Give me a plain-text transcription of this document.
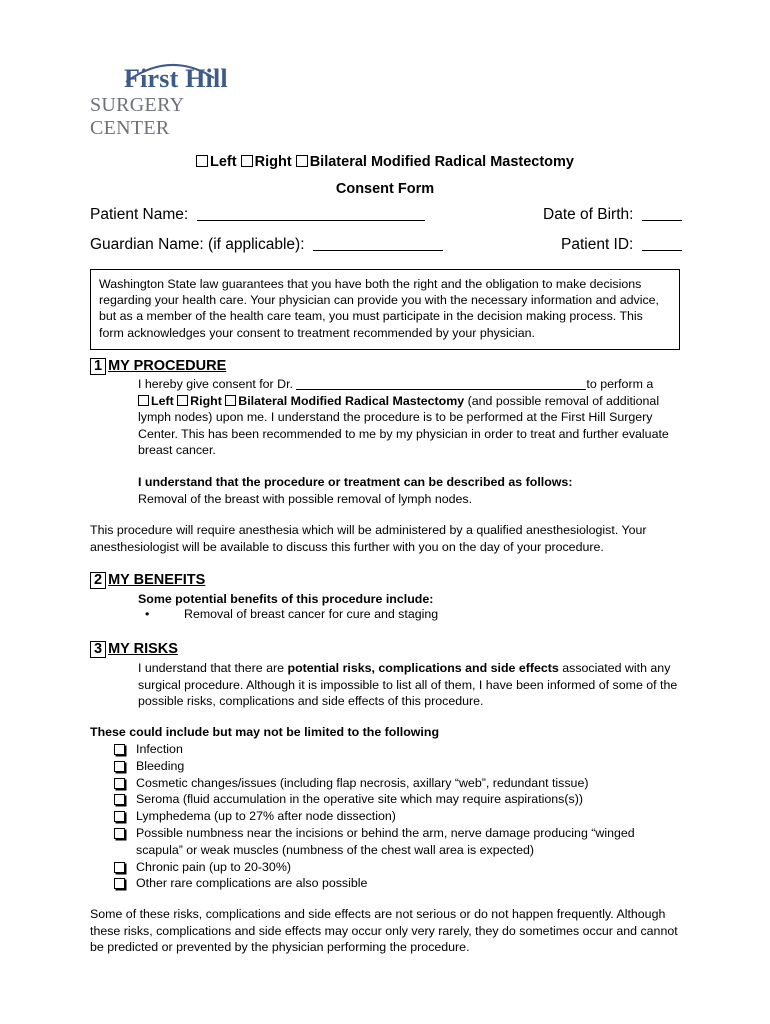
First Hill
SURGERY CENTER
Left Right Bilateral Modified Radical Mastectomy
Consent Form
Patient Name:	Date of Birth:
Guardian Name: (if applicable):	Patient ID:
Washington State law guarantees that you have both the right and the obligation to make decisions regarding your health care. Your physician can provide you with the necessary information and advice, but as a member of the health care team, you must participate in the decision making process. This form acknowledges your consent to treatment recommended by your physician.
1 MY PROCEDURE
I hereby give consent for Dr.	to perform a
Left Right Bilateral Modified Radical Mastectomy (and possible removal of additional
lymph nodes) upon me. I understand the procedure is to be performed at the First Hill Surgery Center. This has been recommended to me by my physician in order to treat and further evaluate breast cancer.
I understand that the procedure or treatment can be described as follows:
Removal of the breast with possible removal of lymph nodes.
This procedure will require anesthesia which will be administered by a qualified anesthesiologist. Your anesthesiologist will be available to discuss this further with you on the day of your procedure.
2 MY BENEFITS
Some potential benefits of this procedure include:
• Removal of breast cancer for cure and staging
3 MY RISKS
I understand that there are potential risks, complications and side effects associated with any surgical procedure. Although it is impossible to list all of them, I have been informed of some of the possible risks, complications and side effects of this procedure.
These could include but may not be limited to the following
Infection
Bleeding
Cosmetic changes/issues (including flap necrosis, axillary “web”, redundant tissue)
Seroma (fluid accumulation in the operative site which may require aspirations(s))
Lymphedema (up to 27% after node dissection)
Possible numbness near the incisions or behind the arm, nerve damage producing “winged scapula” or weak muscles (numbness of the chest wall area is expected)
Chronic pain (up to 20-30%)
Other rare complications are also possible
Some of these risks, complications and side effects are not serious or do not happen frequently. Although these risks, complications and side effects may occur only very rarely, they do sometimes occur and cannot be predicted or prevented by the physician performing the procedure.
